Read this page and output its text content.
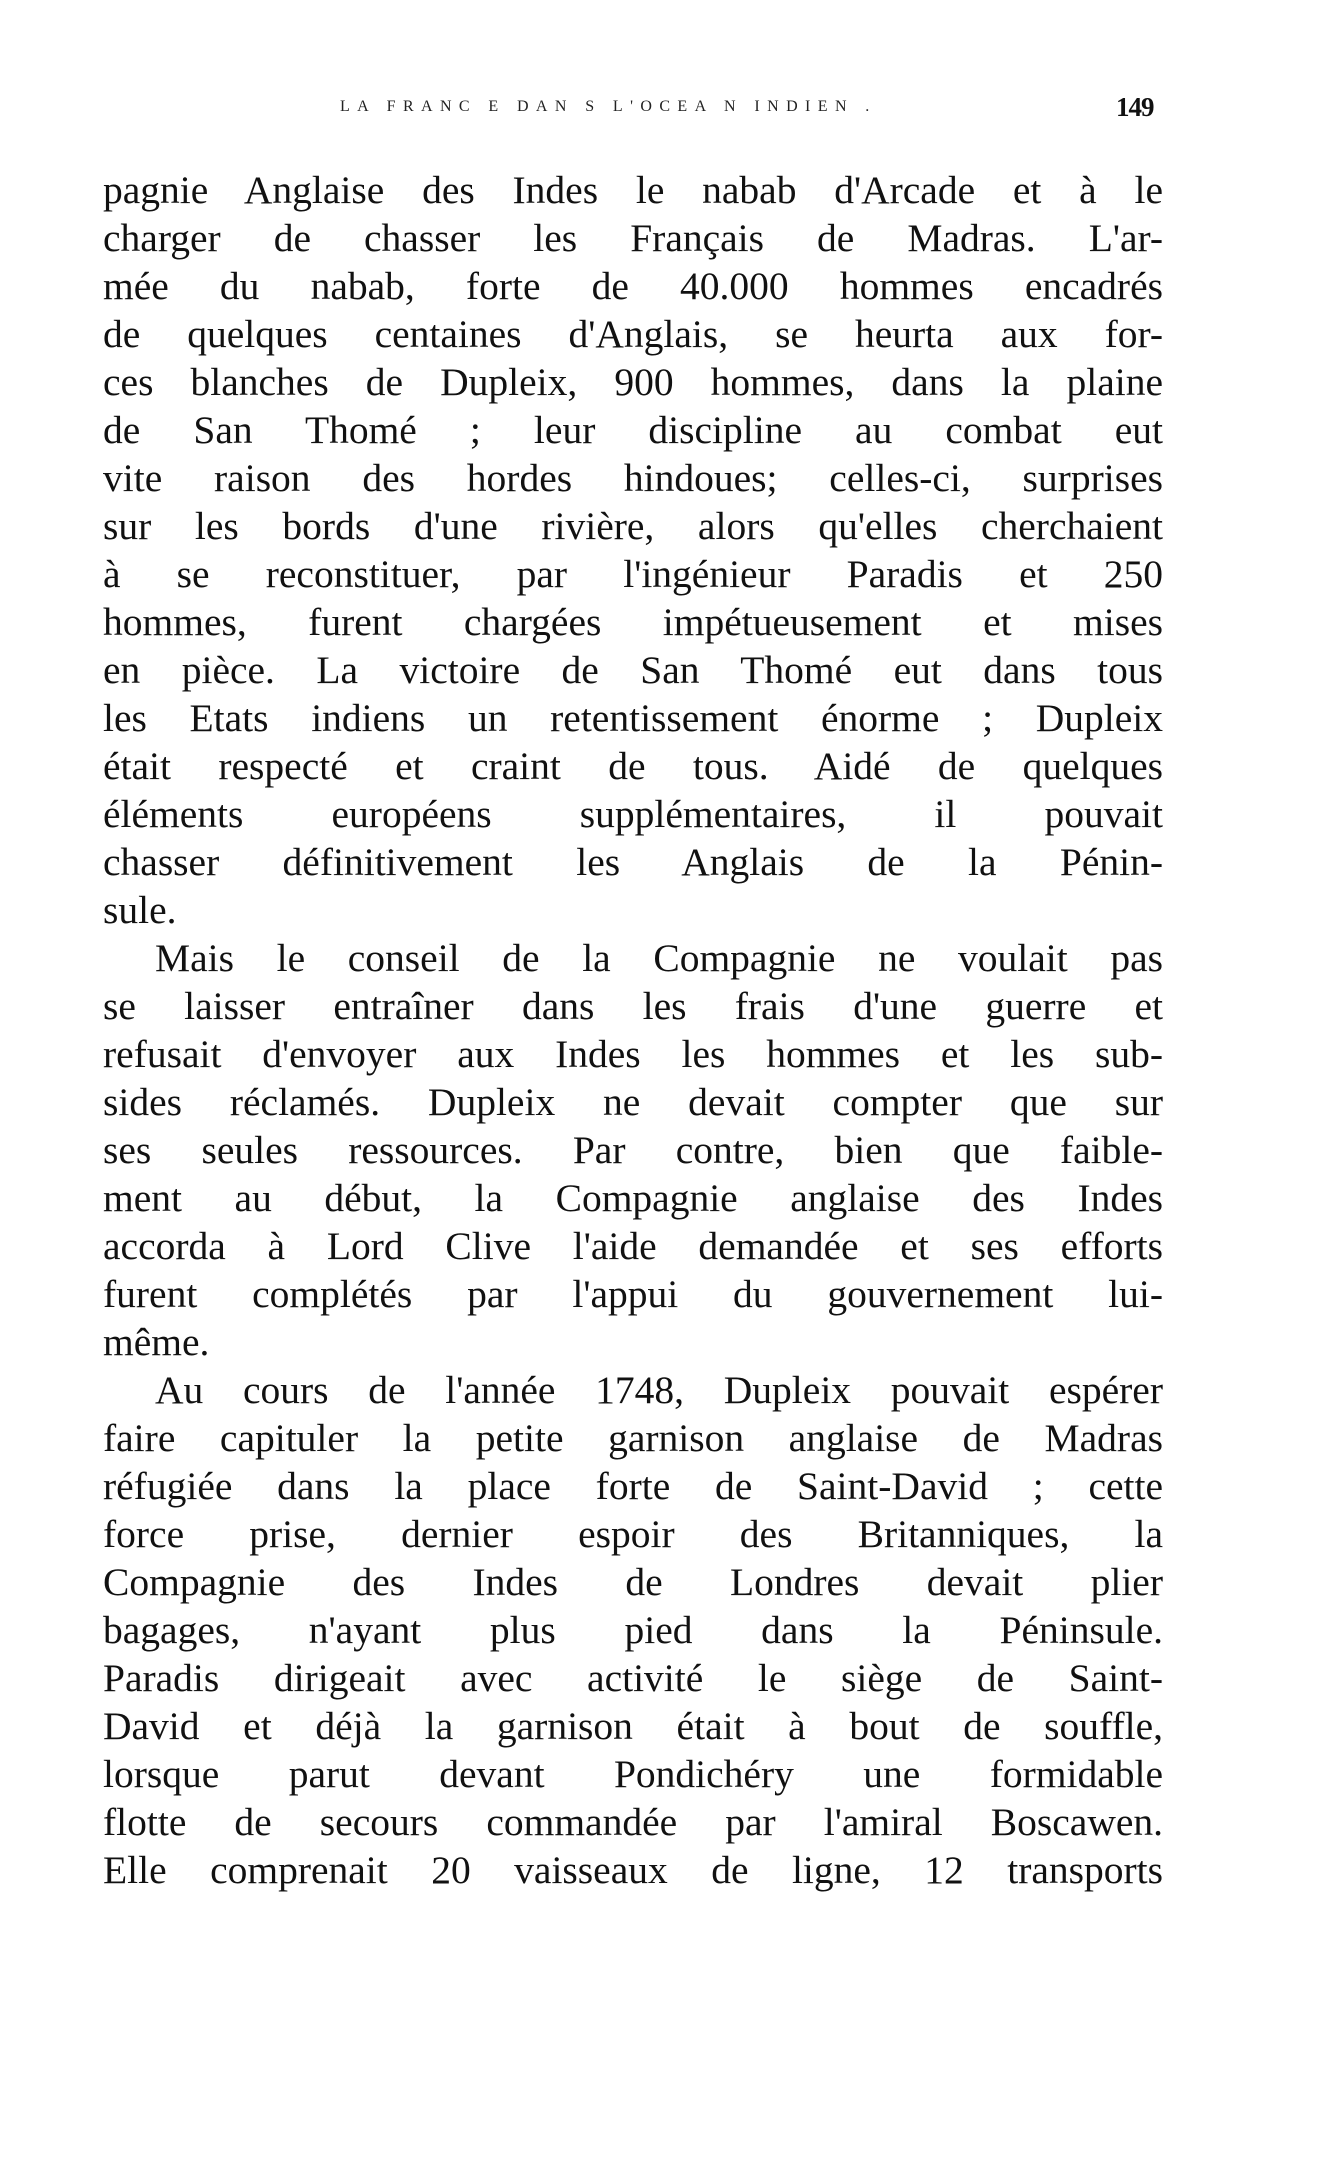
LA FRANC E DAN S L'OCEA N INDIEN .	149
pagnie Anglaise des Indes le nabab d'Arcade et à le
charger de chasser les Français de Madras. L'ar-
mée du nabab, forte de 40.000 hommes encadrés
de quelques centaines d'Anglais, se heurta aux for-
ces blanches de Dupleix, 900 hommes, dans la plaine
de San Thomé ; leur discipline au combat eut
vite raison des hordes hindoues; celles-ci, surprises
sur les bords d'une rivière, alors qu'elles cherchaient
à se reconstituer, par l'ingénieur Paradis et 250
hommes, furent chargées impétueusement et mises
en pièce. La victoire de San Thomé eut dans tous
les Etats indiens un retentissement énorme ; Dupleix
était respecté et craint de tous. Aidé de quelques
éléments européens supplémentaires, il pouvait
chasser définitivement les Anglais de la Pénin-
sule.
Mais le conseil de la Compagnie ne voulait pas
se laisser entraîner dans les frais d'une guerre et
refusait d'envoyer aux Indes les hommes et les sub-
sides réclamés. Dupleix ne devait compter que sur
ses seules ressources. Par contre, bien que faible-
ment au début, la Compagnie anglaise des Indes
accorda à Lord Clive l'aide demandée et ses efforts
furent complétés par l'appui du gouvernement lui-
même.
Au cours de l'année 1748, Dupleix pouvait espérer
faire capituler la petite garnison anglaise de Madras
réfugiée dans la place forte de Saint-David ; cette
force prise, dernier espoir des Britanniques, la
Compagnie des Indes de Londres devait plier
bagages, n'ayant plus pied dans la Péninsule.
Paradis dirigeait avec activité le siège de Saint-
David et déjà la garnison était à bout de souffle,
lorsque parut devant Pondichéry une formidable
flotte de secours commandée par l'amiral Boscawen.
Elle comprenait 20 vaisseaux de ligne, 12 transports
